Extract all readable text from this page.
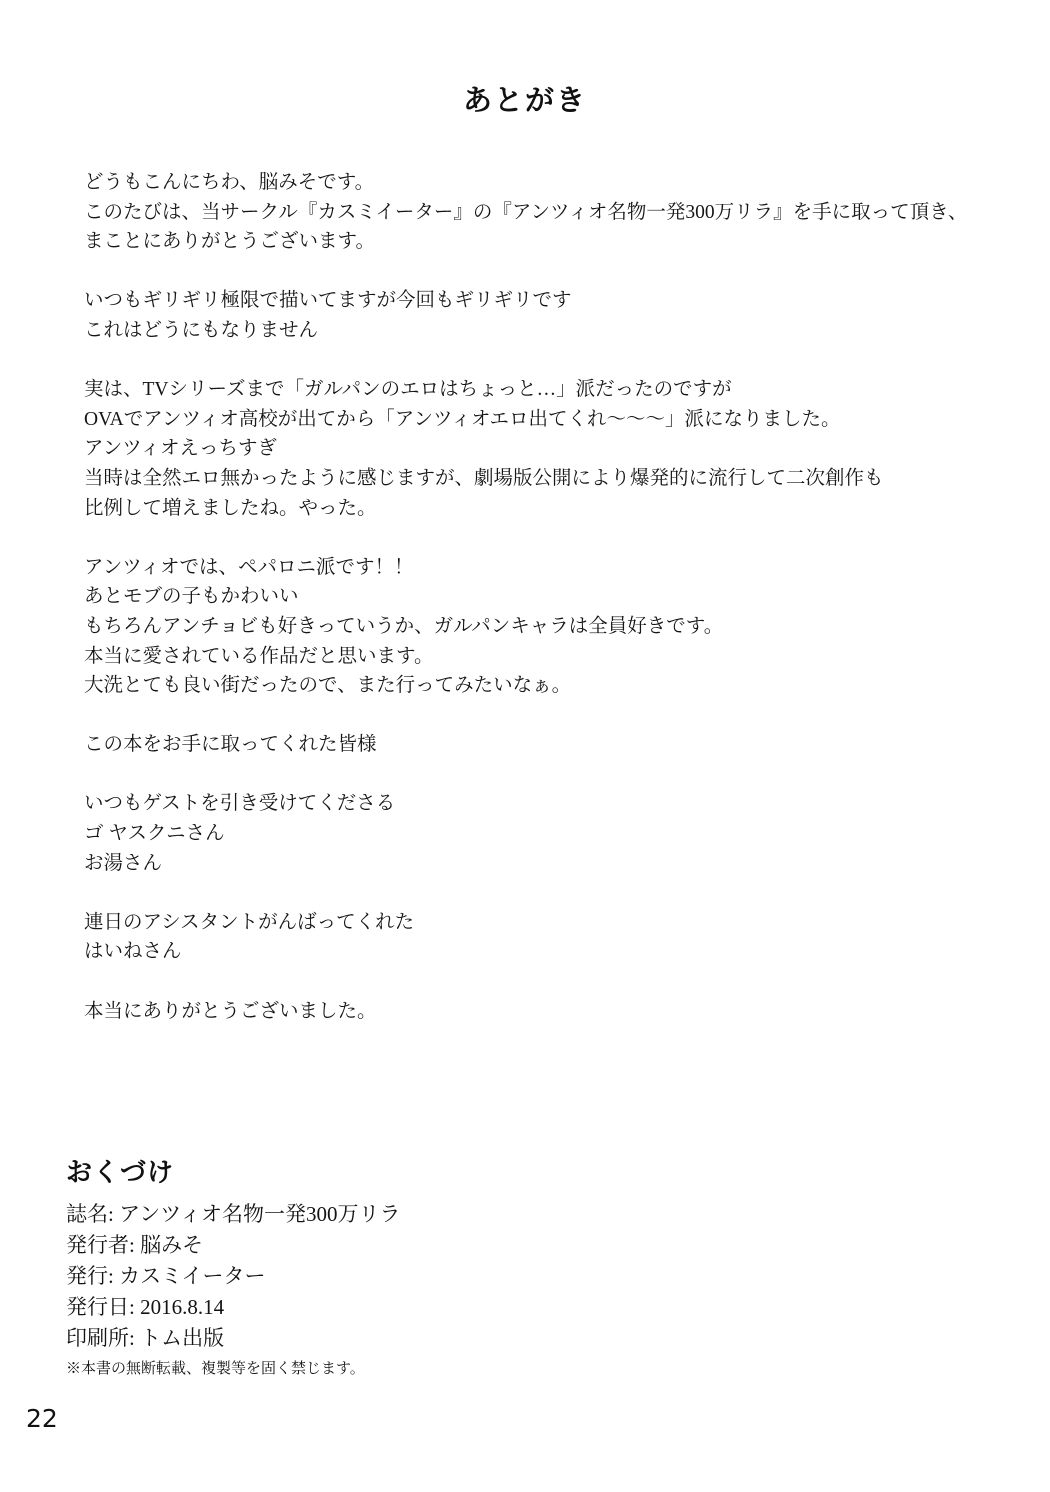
あとがき

どうもこんにちわ、脳みそです。
このたびは、当サークル『カスミイーター』の『アンツィオ名物一発300万リラ』を手に取って頂き、
まことにありがとうございます。

いつもギリギリ極限で描いてますが今回もギリギリです
これはどうにもなりません

実は、TVシリーズまで「ガルパンのエロはちょっと…」派だったのですが
OVAでアンツィオ高校が出てから「アンツィオエロ出てくれ〜〜〜」派になりました。
アンツィオえっちすぎ
当時は全然エロ無かったように感じますが、劇場版公開により爆発的に流行して二次創作も
比例して増えましたね。やった。

アンツィオでは、ペパロニ派です！！
あとモブの子もかわいい
もちろんアンチョビも好きっていうか、ガルパンキャラは全員好きです。
本当に愛されている作品だと思います。
大洗とても良い街だったので、また行ってみたいなぁ。

この本をお手に取ってくれた皆様

いつもゲストを引き受けてくださる
ゴ ヤスクニさん
お湯さん

連日のアシスタントがんばってくれた
はいねさん

本当にありがとうございました。

おくづけ
誌名: アンツィオ名物一発300万リラ
発行者: 脳みそ
発行: カスミイーター
発行日: 2016.8.14
印刷所: トム出版
※本書の無断転載、複製等を固く禁じます。
22
